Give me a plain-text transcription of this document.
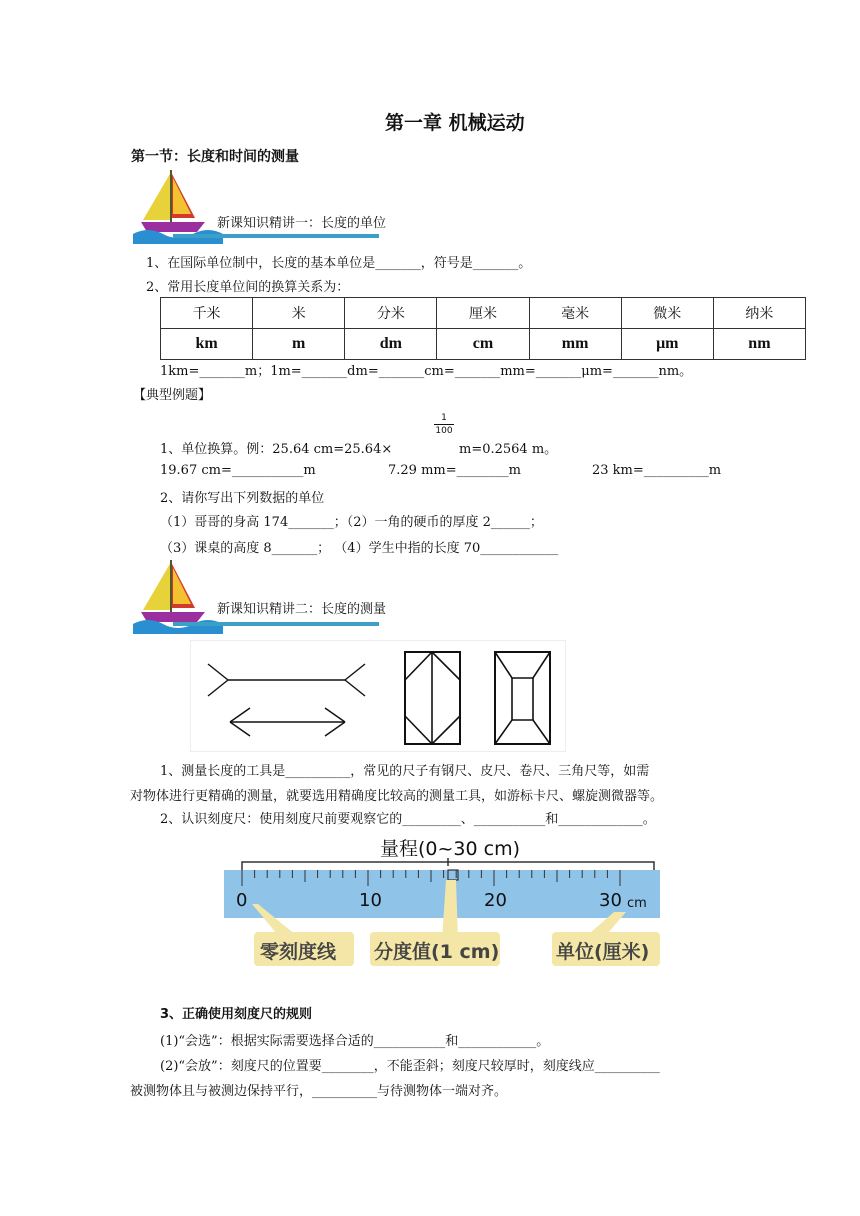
第一章 机械运动
第一节：长度和时间的测量
新课知识精讲一：长度的单位
1、在国际单位制中，长度的基本单位是_______，符号是_______。
2、常用长度单位间的换算关系为：
千米	米	分米	厘米	毫米	微米	纳米
km	m	dm	cm	mm	μm	nm
1km=_______m；1m=_______dm=_______cm=_______mm=_______μm=_______nm。
【典型例题】
1、单位换算。例：25.64 cm=25.64×
1
100
m=0.2564 m。
19.67 cm=___________m	7.29 mm=________m	23 km=__________m
2、请你写出下列数据的单位
（1）哥哥的身高 174_______；（2）一角的硬币的厚度 2______；
（3）课桌的高度 8_______； （4）学生中指的长度 70____________
新课知识精讲二：长度的测量
1、测量长度的工具是__________，常见的尺子有钢尺、皮尺、卷尺、三角尺等，如需
对物体进行更精确的测量，就要选用精确度比较高的测量工具，如游标卡尺、螺旋测微器等。
2、认识刻度尺：使用刻度尺前要观察它的_________、___________和_____________。
量程(0~30 cm)
0	10	20	30 cm
零刻度线 分度值(1 cm)	单位(厘米)
3、正确使用刻度尺的规则
(1)“会选”：根据实际需要选择合适的___________和____________。
(2)“会放”：刻度尺的位置要________，不能歪斜；刻度尺较厚时，刻度线应__________
被测物体且与被测边保持平行，__________与待测物体一端对齐。
